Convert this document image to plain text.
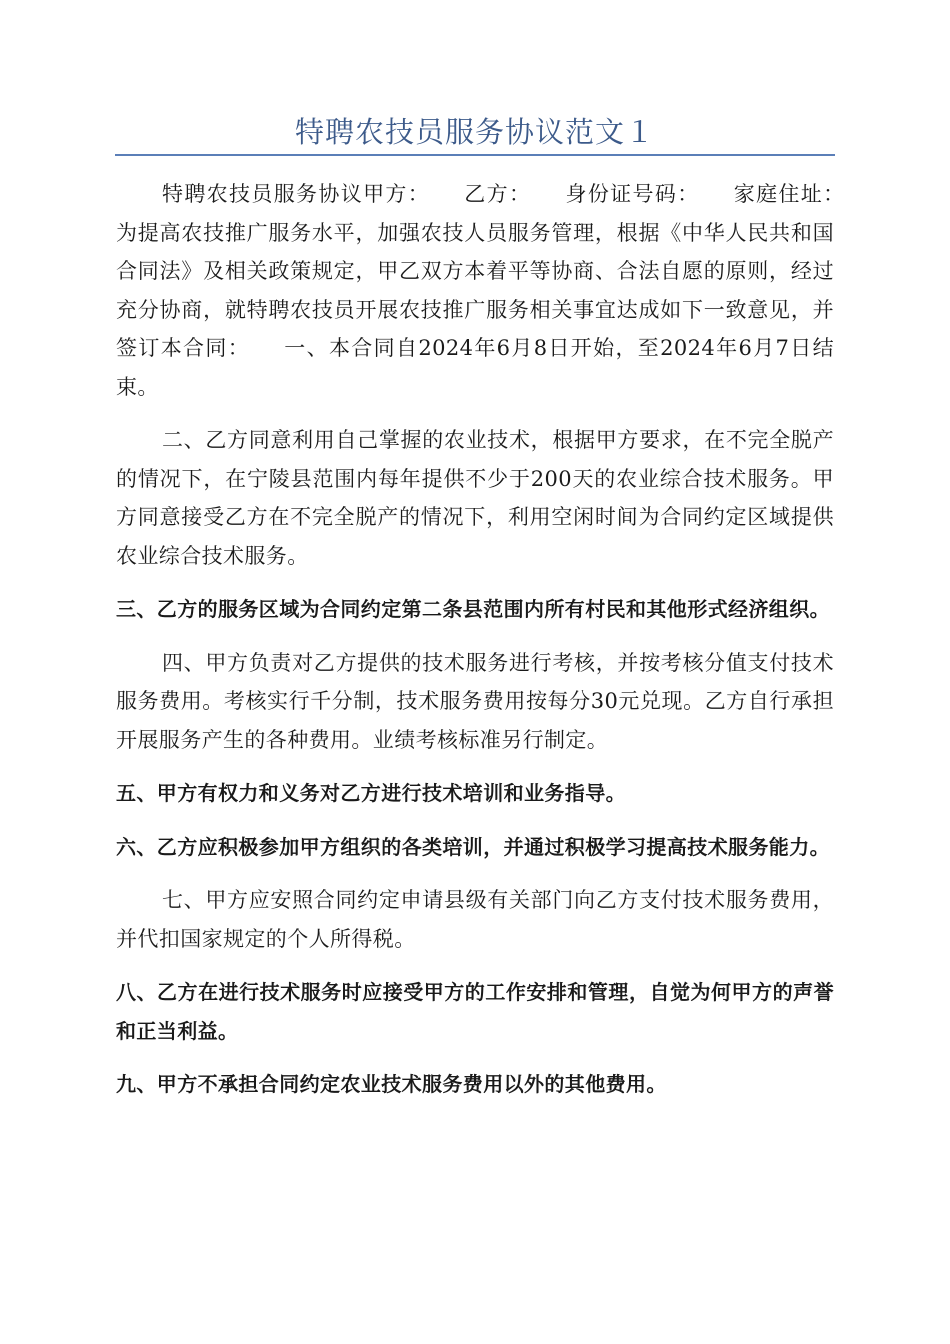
特聘农技员服务协议范文１

特聘农技员服务协议甲方：　　乙方：　　身份证号码：　　家庭住址：　　为提高农技推广服务水平，加强农技人员服务管理，根据《中华人民共和国合同法》及相关政策规定，甲乙双方本着平等协商、合法自愿的原则，经过充分协商，就特聘农技员开展农技推广服务相关事宜达成如下一致意见，并签订本合同：　　一、本合同自2024年6月8日开始，至2024年6月7日结束。

二、乙方同意利用自己掌握的农业技术，根据甲方要求，在不完全脱产的情况下，在宁陵县范围内每年提供不少于200天的农业综合技术服务。甲方同意接受乙方在不完全脱产的情况下，利用空闲时间为合同约定区域提供农业综合技术服务。

三、乙方的服务区域为合同约定第二条县范围内所有村民和其他形式经济组织。

四、甲方负责对乙方提供的技术服务进行考核，并按考核分值支付技术服务费用。考核实行千分制，技术服务费用按每分30元兑现。乙方自行承担开展服务产生的各种费用。业绩考核标准另行制定。

五、甲方有权力和义务对乙方进行技术培训和业务指导。

六、乙方应积极参加甲方组织的各类培训，并通过积极学习提高技术服务能力。

七、甲方应安照合同约定申请县级有关部门向乙方支付技术服务费用，并代扣国家规定的个人所得税。

八、乙方在进行技术服务时应接受甲方的工作安排和管理，自觉为何甲方的声誉和正当利益。

九、甲方不承担合同约定农业技术服务费用以外的其他费用。
